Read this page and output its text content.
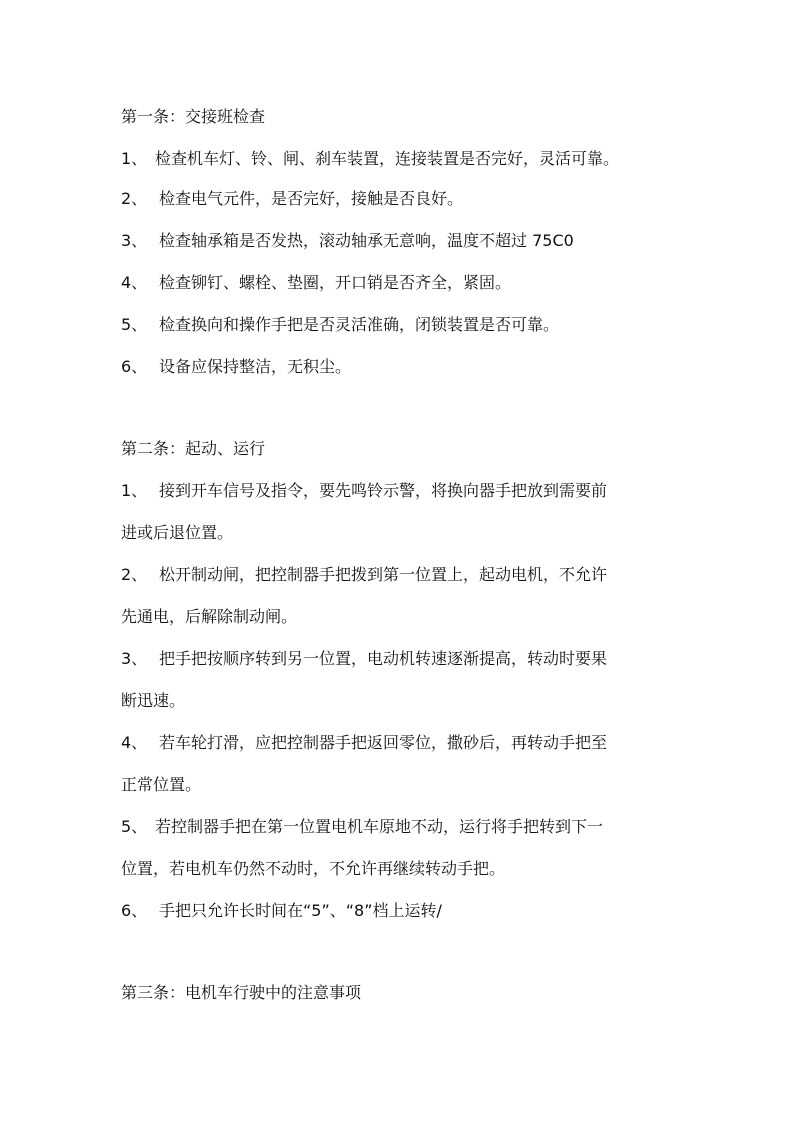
第一条：交接班检查
1、 检查机车灯、铃、闸、刹车装置，连接装置是否完好，灵活可靠。
2、 检查电气元件，是否完好，接触是否良好。
3、 检查轴承箱是否发热，滚动轴承无意响，温度不超过 75C0
4、 检查铆钉、螺栓、垫圈，开口销是否齐全，紧固。
5、 检查换向和操作手把是否灵活准确，闭锁装置是否可靠。
6、 设备应保持整洁，无积尘。
第二条：起动、运行
1、 接到开车信号及指令，要先鸣铃示警，将换向器手把放到需要前
进或后退位置。
2、 松开制动闸，把控制器手把拨到第一位置上，起动电机，不允许
先通电，后解除制动闸。
3、 把手把按顺序转到另一位置，电动机转速逐渐提高，转动时要果
断迅速。
4、 若车轮打滑，应把控制器手把返回零位，撒砂后，再转动手把至
正常位置。
5、 若控制器手把在第一位置电机车原地不动，运行将手把转到下一
位置，若电机车仍然不动时，不允许再继续转动手把。
6、 手把只允许长时间在“5”、“8”档上运转/
第三条：电机车行驶中的注意事项
